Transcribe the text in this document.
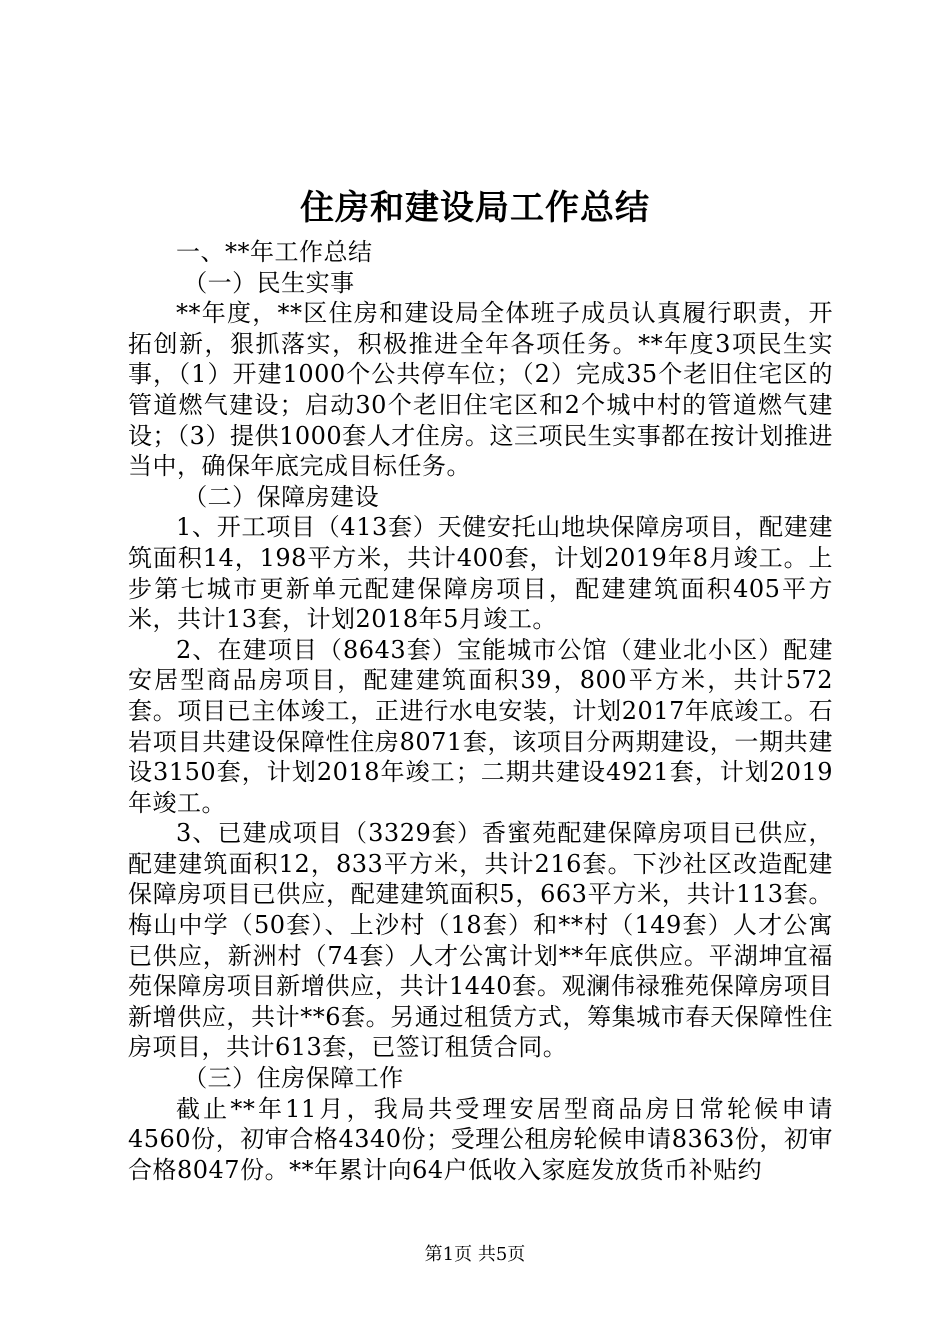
住房和建设局工作总结

一、**年工作总结

（一）民生实事

**年度，**区住房和建设局全体班子成员认真履行职责，开拓创新，狠抓落实，积极推进全年各项任务。**年度3项民生实事，（1）开建1000个公共停车位；（2）完成35个老旧住宅区的管道燃气建设；启动30个老旧住宅区和2个城中村的管道燃气建设；（3）提供1000套人才住房。这三项民生实事都在按计划推进当中，确保年底完成目标任务。

（二）保障房建设

1、开工项目（413套）天健安托山地块保障房项目，配建建筑面积14，198平方米，共计400套，计划2019年8月竣工。上步第七城市更新单元配建保障房项目，配建建筑面积405平方米，共计13套，计划2018年5月竣工。

2、在建项目（8643套）宝能城市公馆（建业北小区）配建安居型商品房项目，配建建筑面积39，800平方米，共计572套。项目已主体竣工，正进行水电安装，计划2017年底竣工。石岩项目共建设保障性住房8071套，该项目分两期建设，一期共建设3150套，计划2018年竣工；二期共建设4921套，计划2019年竣工。

3、已建成项目（3329套）香蜜苑配建保障房项目已供应，配建建筑面积12，833平方米，共计216套。下沙社区改造配建保障房项目已供应，配建建筑面积5，663平方米，共计113套。梅山中学（50套）、上沙村（18套）和**村（149套）人才公寓已供应，新洲村（74套）人才公寓计划**年底供应。平湖坤宜福苑保障房项目新增供应，共计1440套。观澜伟禄雅苑保障房项目新增供应，共计**6套。另通过租赁方式，筹集城市春天保障性住房项目，共计613套，已签订租赁合同。

（三）住房保障工作

截止**年11月，我局共受理安居型商品房日常轮候申请4560份，初审合格4340份；受理公租房轮候申请8363份，初审合格8047份。**年累计向64户低收入家庭发放货币补贴约

第1页 共5页
